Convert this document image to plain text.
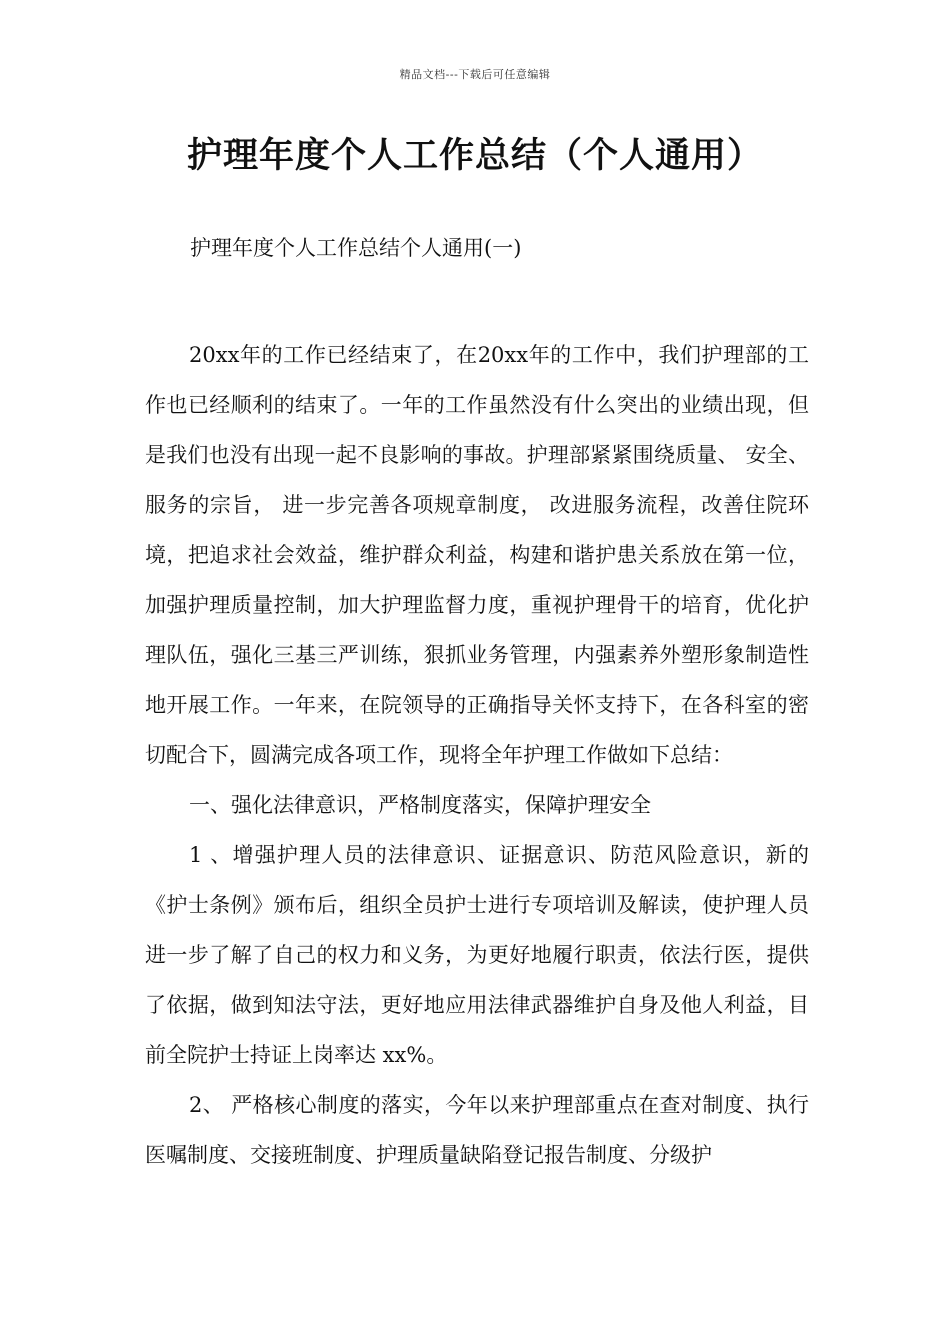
精品文档---下载后可任意编辑
护理年度个人工作总结（个人通用）

护理年度个人工作总结个人通用(一)

20xx年的工作已经结束了，在20xx年的工作中，我们护理部的工作也已经顺利的结束了。一年的工作虽然没有什么突出的业绩出现，但是我们也没有出现一起不良影响的事故。护理部紧紧围绕质量、 安全、服务的宗旨， 进一步完善各项规章制度， 改进服务流程，改善住院环境，把追求社会效益，维护群众利益，构建和谐护患关系放在第一位，加强护理质量控制，加大护理监督力度，重视护理骨干的培育，优化护理队伍，强化三基三严训练，狠抓业务管理，内强素养外塑形象制造性地开展工作。一年来，在院领导的正确指导关怀支持下，在各科室的密切配合下，圆满完成各项工作，现将全年护理工作做如下总结：

一、强化法律意识，严格制度落实，保障护理安全

1 、增强护理人员的法律意识、证据意识、防范风险意识，新的《护士条例》颁布后，组织全员护士进行专项培训及解读，使护理人员进一步了解了自己的权力和义务，为更好地履行职责，依法行医，提供了依据，做到知法守法，更好地应用法律武器维护自身及他人利益，目前全院护士持证上岗率达 xx%。

2、 严格核心制度的落实，今年以来护理部重点在查对制度、执行医嘱制度、交接班制度、护理质量缺陷登记报告制度、分级护
